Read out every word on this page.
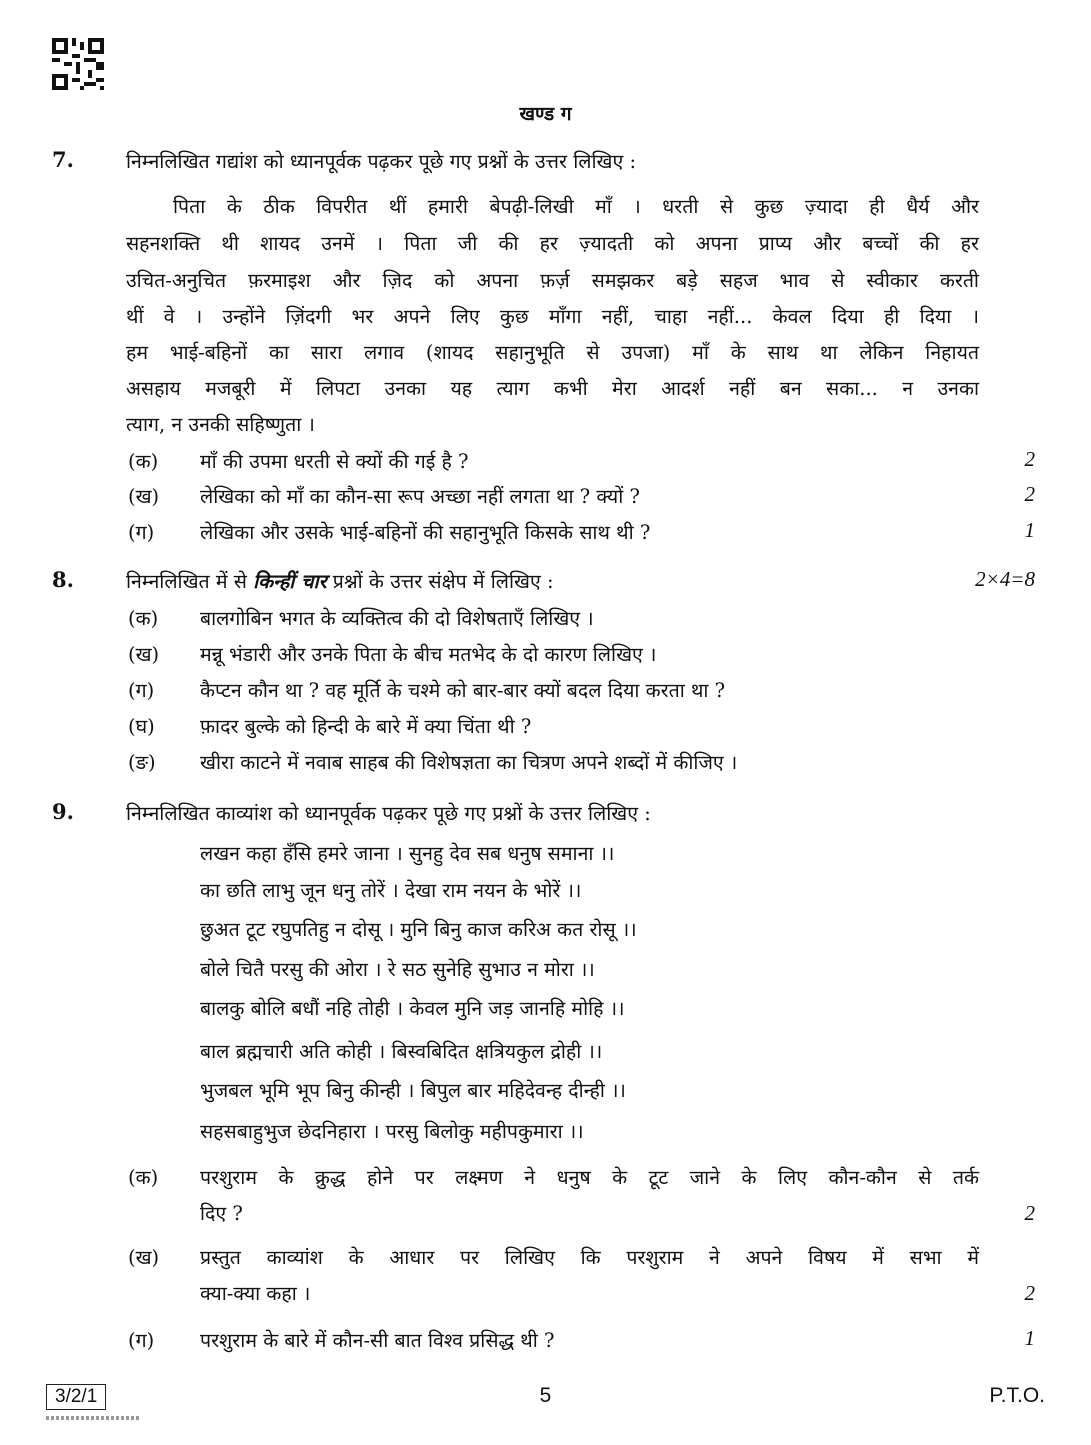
खण्ड ग
7.	निम्नलिखित गद्यांश को ध्यानपूर्वक पढ़कर पूछे गए प्रश्नों के उत्तर लिखिए :
पिता के ठीक विपरीत थीं हमारी बेपढ़ी-लिखी माँ । धरती से कुछ ज़्यादा ही धैर्य और
सहनशक्ति थी शायद उनमें । पिता जी की हर ज़्यादती को अपना प्राप्य और बच्चों की हर
उचित-अनुचित फ़रमाइश और ज़िद को अपना फ़र्ज़ समझकर बड़े सहज भाव से स्वीकार करती
थीं वे । उन्होंने ज़िंदगी भर अपने लिए कुछ माँगा नहीं, चाहा नहीं... केवल दिया ही दिया ।
हम भाई-बहिनों का सारा लगाव (शायद सहानुभूति से उपजा) माँ के साथ था लेकिन निहायत
असहाय मजबूरी में लिपटा उनका यह त्याग कभी मेरा आदर्श नहीं बन सका... न उनका
त्याग, न उनकी सहिष्णुता ।
(क) माँ की उपमा धरती से क्यों की गई है ?	2
(ख) लेखिका को माँ का कौन-सा रूप अच्छा नहीं लगता था ? क्यों ?	2
(ग) लेखिका और उसके भाई-बहिनों की सहानुभूति किसके साथ थी ?	1
8.	निम्नलिखित में से किन्हीं चार प्रश्नों के उत्तर संक्षेप में लिखिए :	2×4=8
(क) बालगोबिन भगत के व्यक्तित्व की दो विशेषताएँ लिखिए ।
(ख) मन्नू भंडारी और उनके पिता के बीच मतभेद के दो कारण लिखिए ।
(ग) कैप्टन कौन था ? वह मूर्ति के चश्मे को बार-बार क्यों बदल दिया करता था ?
(घ) फ़ादर बुल्के को हिन्दी के बारे में क्या चिंता थी ?
(ङ) खीरा काटने में नवाब साहब की विशेषज्ञता का चित्रण अपने शब्दों में कीजिए ।
9.	निम्नलिखित काव्यांश को ध्यानपूर्वक पढ़कर पूछे गए प्रश्नों के उत्तर लिखिए :
लखन कहा हँसि हमरे जाना । सुनहु देव सब धनुष समाना ।।
का छति लाभु जून धनु तोरें । देखा राम नयन के भोरें ।।
छुअत टूट रघुपतिहु न दोसू । मुनि बिनु काज करिअ कत रोसू ।।
बोले चितै परसु की ओरा । रे सठ सुनेहि सुभाउ न मोरा ।।
बालकु बोलि बधौं नहि तोही । केवल मुनि जड़ जानहि मोहि ।।
बाल ब्रह्मचारी अति कोही । बिस्वबिदित क्षत्रियकुल द्रोही ।।
भुजबल भूमि भूप बिनु कीन्ही । बिपुल बार महिदेवन्ह दीन्ही ।।
सहसबाहुभुज छेदनिहारा । परसु बिलोकु महीपकुमारा ।।
(क) परशुराम के क्रुद्ध होने पर लक्ष्मण ने धनुष के टूट जाने के लिए कौन-कौन से तर्क
दिए ?	2
(ख) प्रस्तुत काव्यांश के आधार पर लिखिए कि परशुराम ने अपने विषय में सभा में
क्या-क्या कहा ।	2
(ग) परशुराम के बारे में कौन-सी बात विश्व प्रसिद्ध थी ?	1
3/2/1	5	P.T.O.
